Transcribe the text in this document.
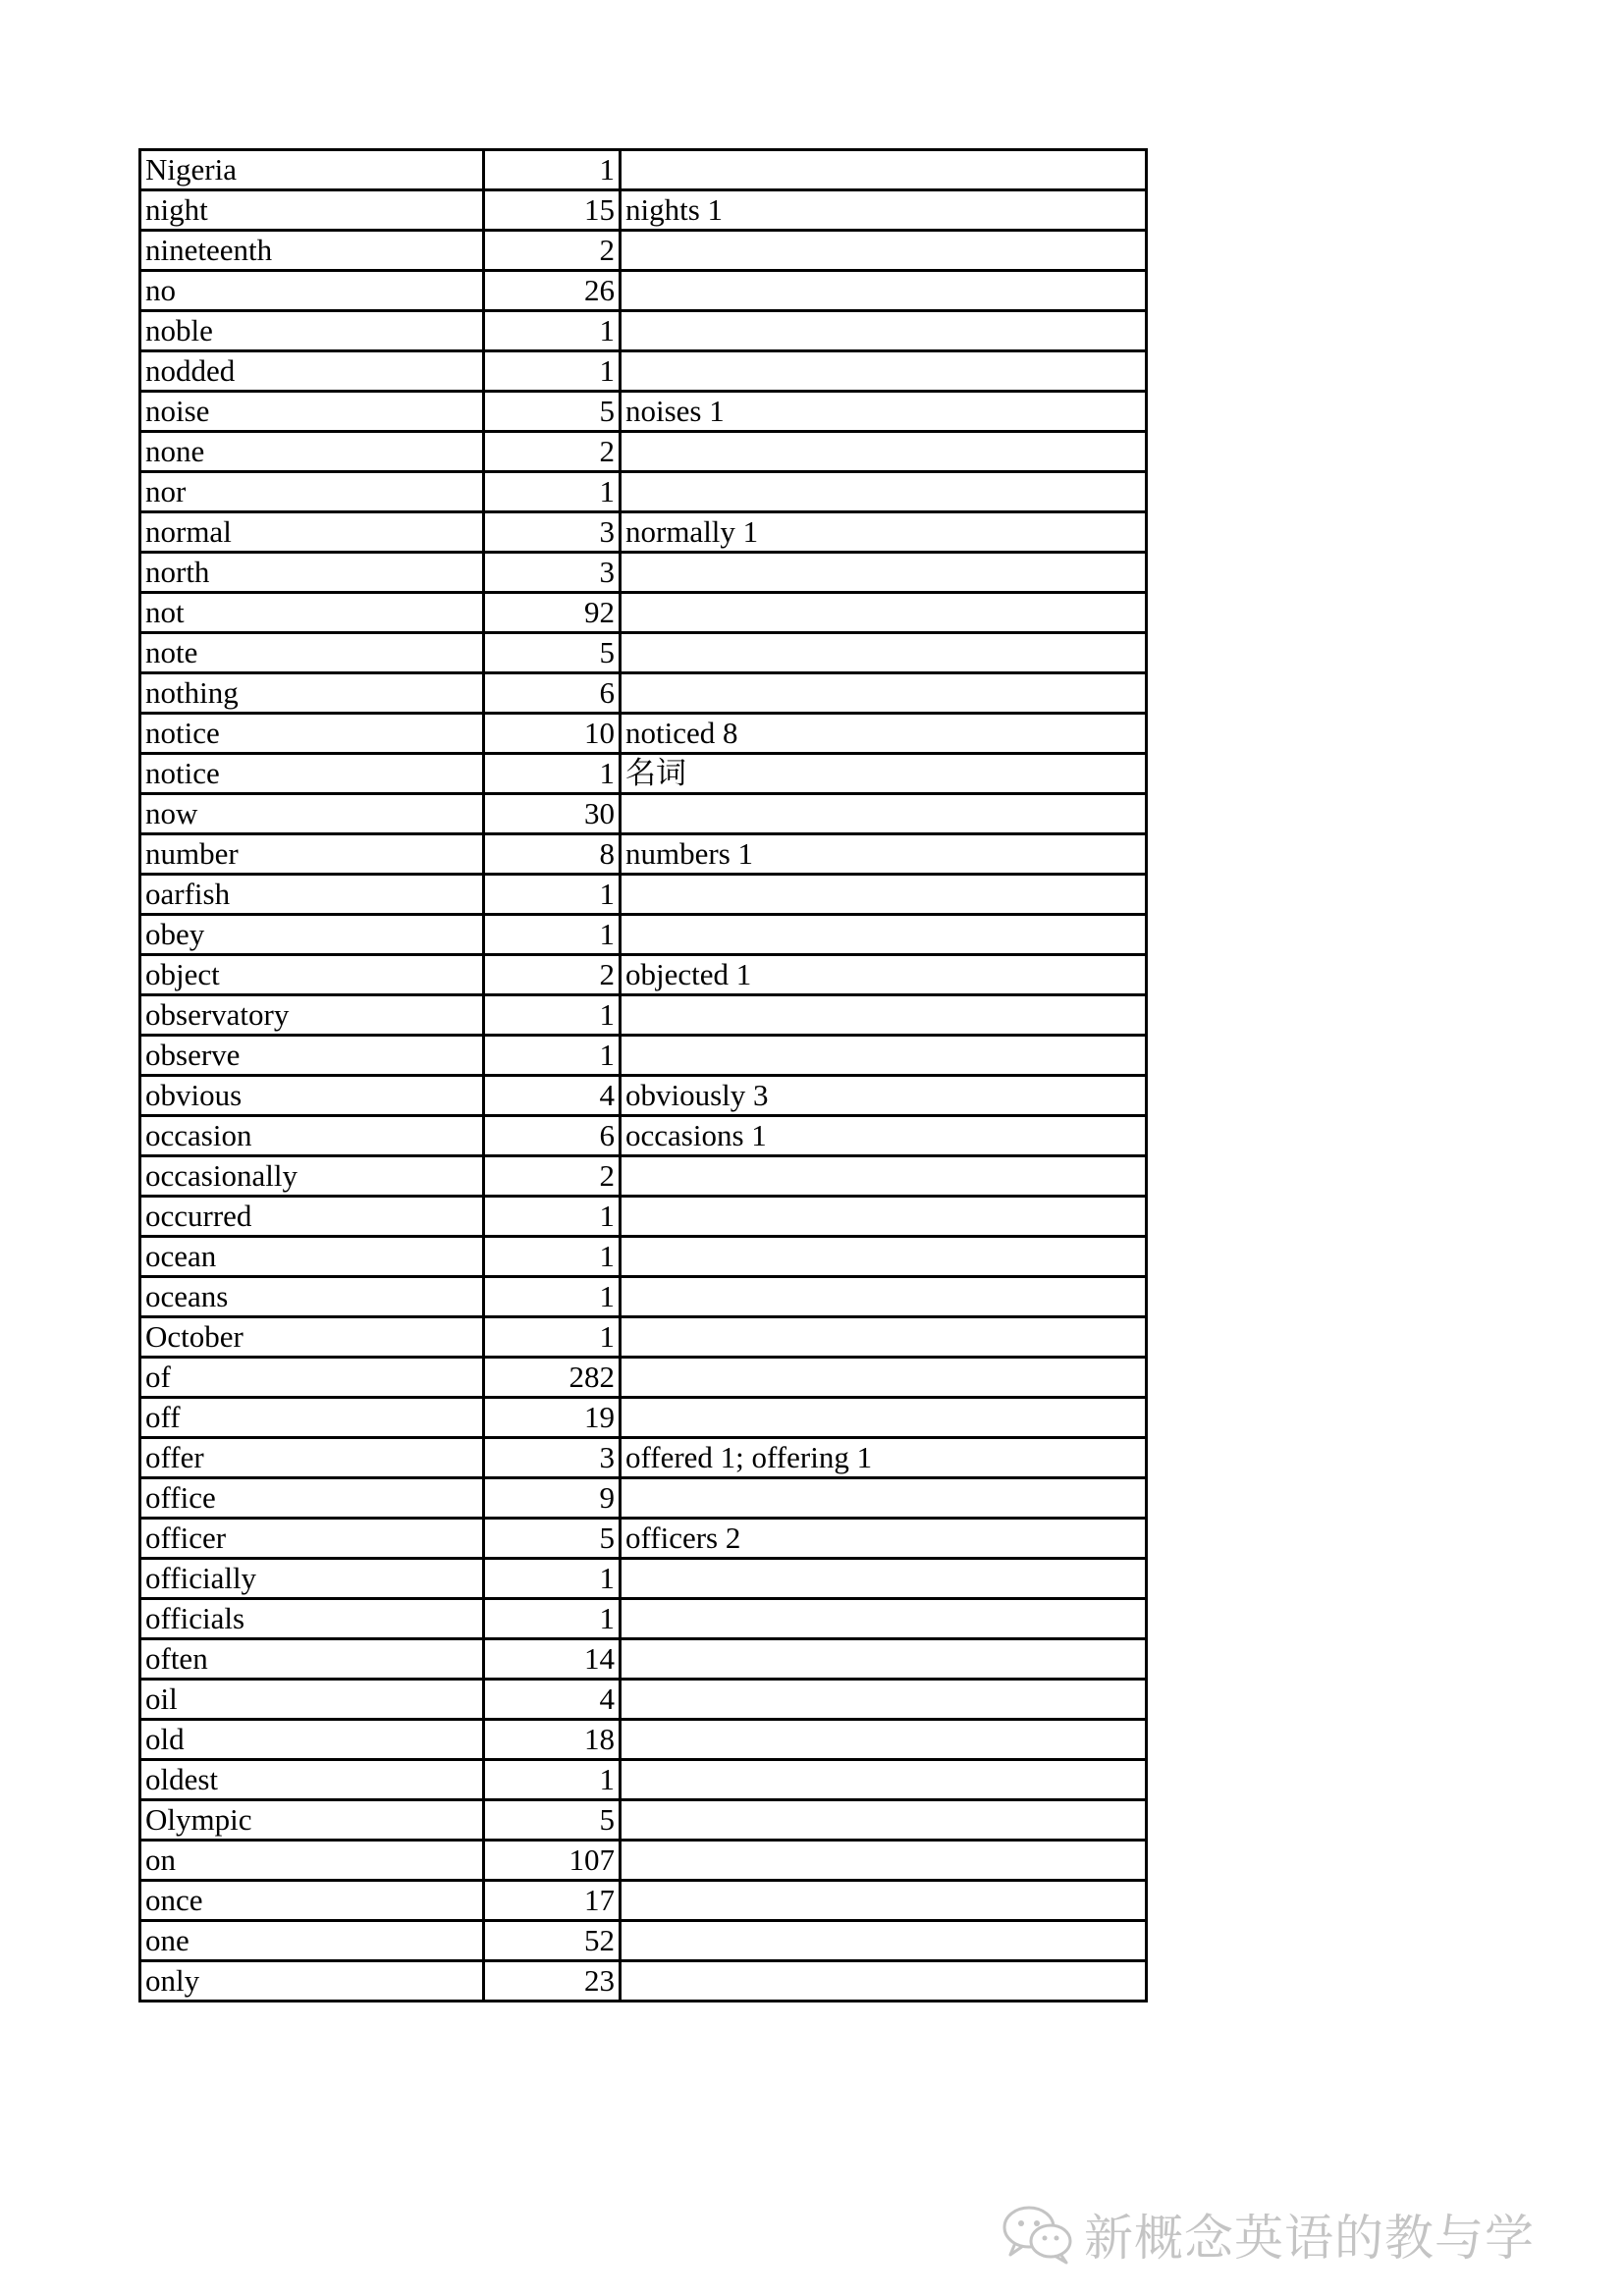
Nigeria	1	
night	15	nights 1
nineteenth	2	
no	26	
noble	1	
nodded	1	
noise	5	noises 1
none	2	
nor	1	
normal	3	normally 1
north	3	
not	92	
note	5	
nothing	6	
notice	10	noticed 8
notice	1	名词
now	30	
number	8	numbers 1
oarfish	1	
obey	1	
object	2	objected 1
observatory	1	
observe	1	
obvious	4	obviously 3
occasion	6	occasions 1
occasionally	2	
occurred	1	
ocean	1	
oceans	1	
October	1	
of	282	
off	19	
offer	3	offered 1; offering 1
office	9	
officer	5	officers 2
officially	1	
officials	1	
often	14	
oil	4	
old	18	
oldest	1	
Olympic	5	
on	107	
once	17	
one	52	
only	23	
新概念英语的教与学
